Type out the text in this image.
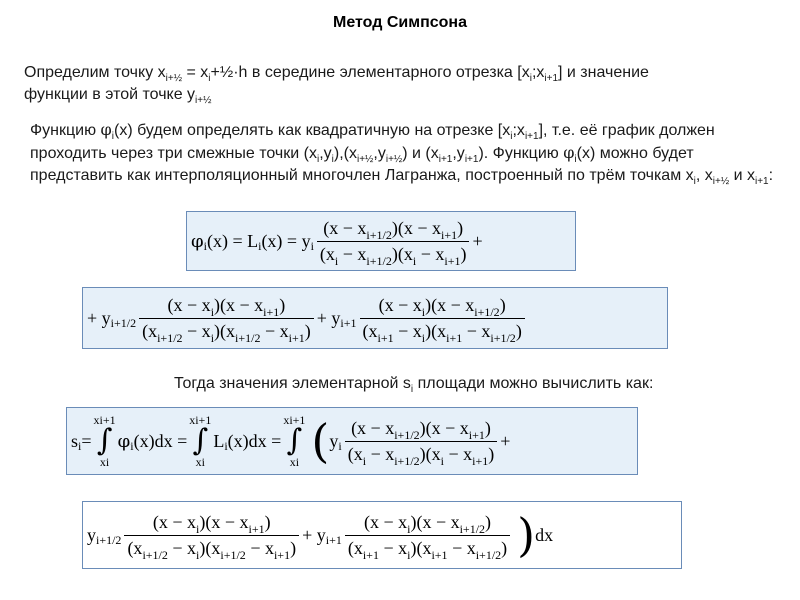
Метод Симпсона

Определим точку $x_{i+\frac{1}{2}}$ = $x_i+\frac{1}{2}\cdot h$ в середине элементарного отрезка $[x_i;x_{i+1}]$ и значение
функции в этой точке $y_{i+\frac{1}{2}}$

Функцию $\varphi_i(x)$ будем определять как квадратичную на отрезке $[x_i;x_{i+1}]$, т.е. её график должен проходить через три смежные точки $(x_i,y_i),(x_{i+\frac{1}{2}},y_{i+\frac{1}{2}})$ и $(x_{i+1},y_{i+1})$. Функцию $\varphi_i(x)$ можно будет представить как интерполяционный многочлен Лагранжа, построенный по трём точкам $x_i$, $x_{i+\frac{1}{2}}$ и $x_{i+1}$:

φ i (x) = L i (x) = y i $\frac{(x - x_{i+1/2})(x - x_{i+1})}{(x_i - x_{i+1/2})(x_i - x_{i+1})}$ +
+ y $i+1/2 \frac{(x - x_i)(x - x_{i+1})}{(x_{i+1/2} - x_i)(x_{i+1/2} - x_{i+1})} + y$ $i+1 \frac{(x - x_i)(x - x_{i+1/2})}{(x_{i+1} - x_i)(x_{i+1} - x_{i+1/2})}$

Тогда значения элементарной $s_i$ площади можно вычислить как:

s i =
xi+1
∫
xi
φ i (x)dx =
xi+1
∫
xi
L i (x)dx =
xi+1
∫
xi ( y i $\frac{(x - x_{i+1/2})(x - x_{i+1})}{(x_i - x_{i+1/2})(x_i - x_{i+1})}$ +
y $i+1/2 \frac{(x - x_i)(x - x_{i+1})}{(x_{i+1/2} - x_i)(x_{i+1/2} - x_{i+1})} + y$ $i+1 \frac{(x - x_i)(x - x_{i+1/2})}{(x_{i+1} - x_i)(x_{i+1} - x_{i+1/2})}$ ) dx
